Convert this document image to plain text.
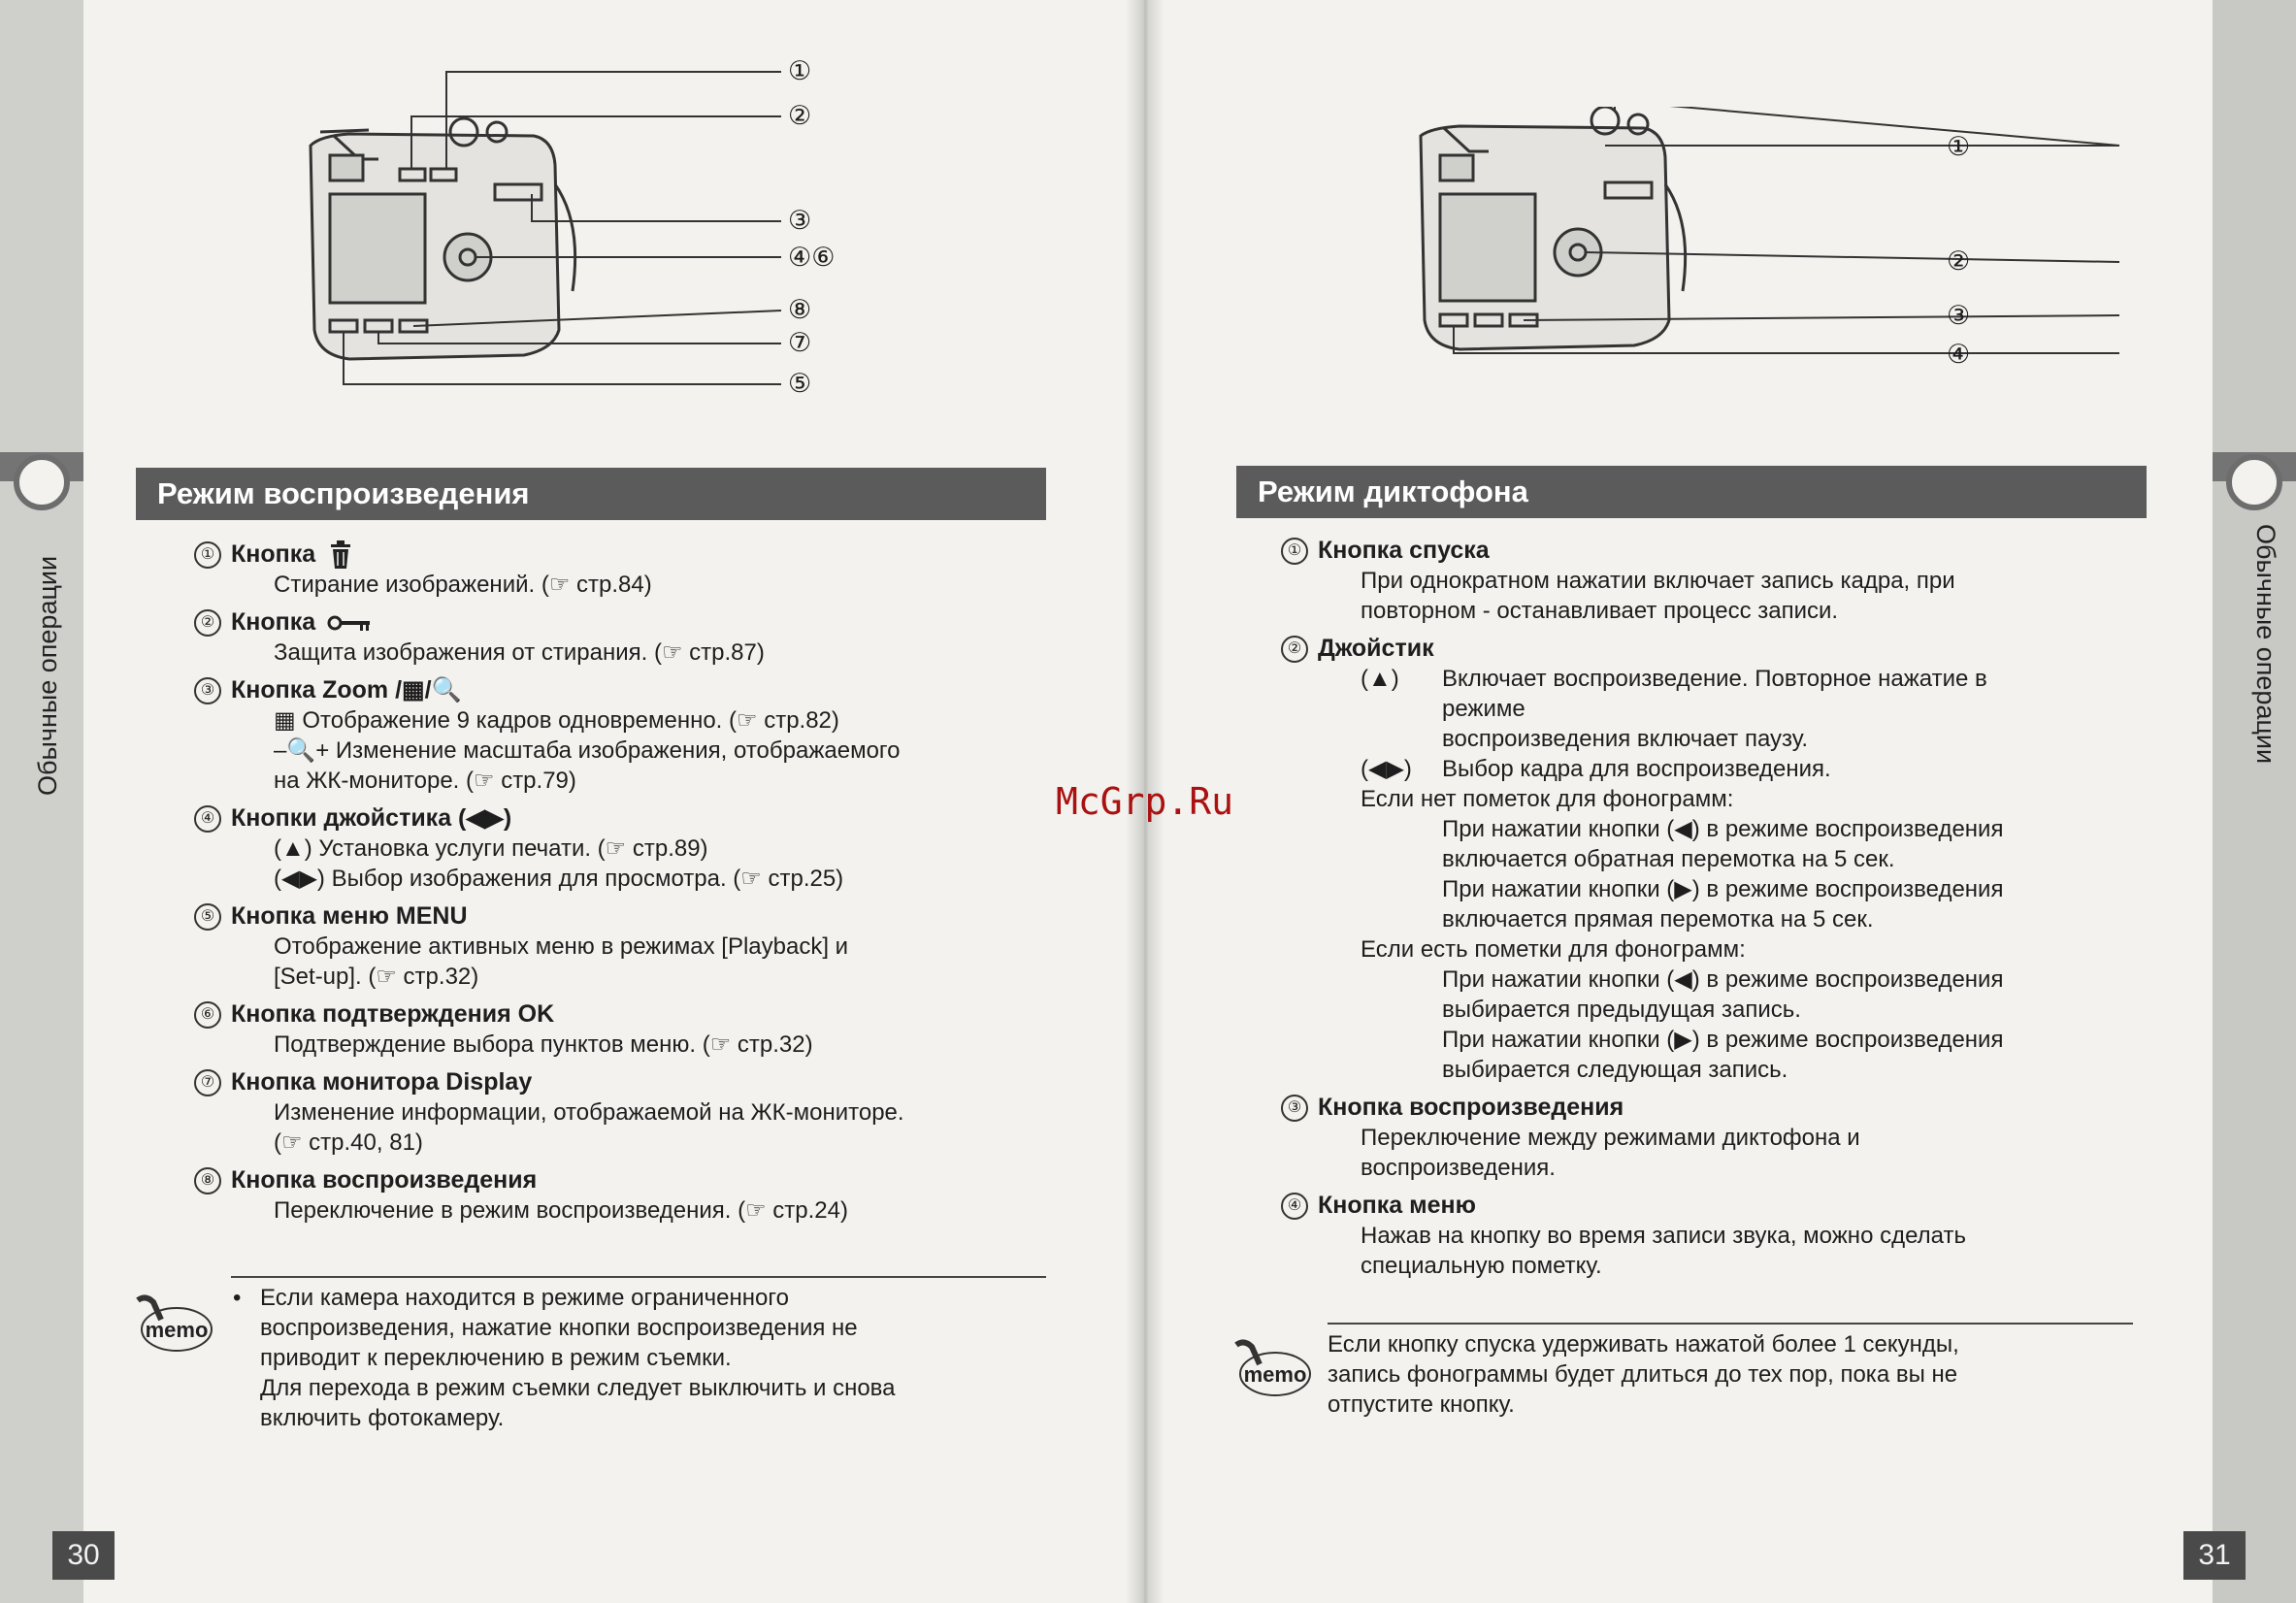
Обычные операции
①
②
③
④⑥
⑧
⑦
⑤
Режим воспроизведения
① Кнопка
Стирание изображений. (☞ стр.84)
② Кнопка
Защита изображения от стирания. (☞ стр.87)
③ Кнопка Zoom /▦/🔍
▦ Отображение 9 кадров одновременно. (☞ стр.82)
–🔍+ Изменение масштаба изображения, отображаемого
на ЖК-мониторе. (☞ стр.79)
④ Кнопки джойстика (◀▶)
(▲) Установка услуги печати. (☞ стр.89)
(◀▶) Выбор изображения для просмотра. (☞ стр.25)
⑤ Кнопка меню MENU
Отображение активных меню в режимах [Playback] и
[Set-up]. (☞ стр.32)
⑥ Кнопка подтверждения OK
Подтверждение выбора пунктов меню. (☞ стр.32)
⑦ Кнопка монитора Display
Изменение информации, отображаемой на ЖК-мониторе.
(☞ стр.40, 81)
⑧ Кнопка воспроизведения
Переключение в режим воспроизведения. (☞ стр.24)
memo
• Если камера находится в режиме ограниченного
воспроизведения, нажатие кнопки воспроизведения не
приводит к переключению в режим съемки.
Для перехода в режим съемки следует выключить и снова
включить фотокамеру.
30
Обычные операции
①
②
③
④
Режим диктофона
① Кнопка спуска
При однократном нажатии включает запись кадра, при
повторном - останавливает процесс записи.
② Джойстик
(▲)	Включает воспроизведение. Повторное нажатие в
режиме
воспроизведения включает паузу.
(◀▶)	Выбор кадра для воспроизведения.
Если нет пометок для фонограмм:
При нажатии кнопки (◀) в режиме воспроизведения
включается обратная перемотка на 5 сек.
При нажатии кнопки (▶) в режиме воспроизведения
включается прямая перемотка на 5 сек.
Если есть пометки для фонограмм:
При нажатии кнопки (◀) в режиме воспроизведения
выбирается предыдущая запись.
При нажатии кнопки (▶) в режиме воспроизведения
выбирается следующая запись.
③ Кнопка воспроизведения
Переключение между режимами диктофона и
воспроизведения.
④ Кнопка меню
Нажав на кнопку во время записи звука, можно сделать
специальную пометку.
memo
Если кнопку спуска удерживать нажатой более 1 секунды,
запись фонограммы будет длиться до тех пор, пока вы не
отпустите кнопку.
31
McGrp.Ru
